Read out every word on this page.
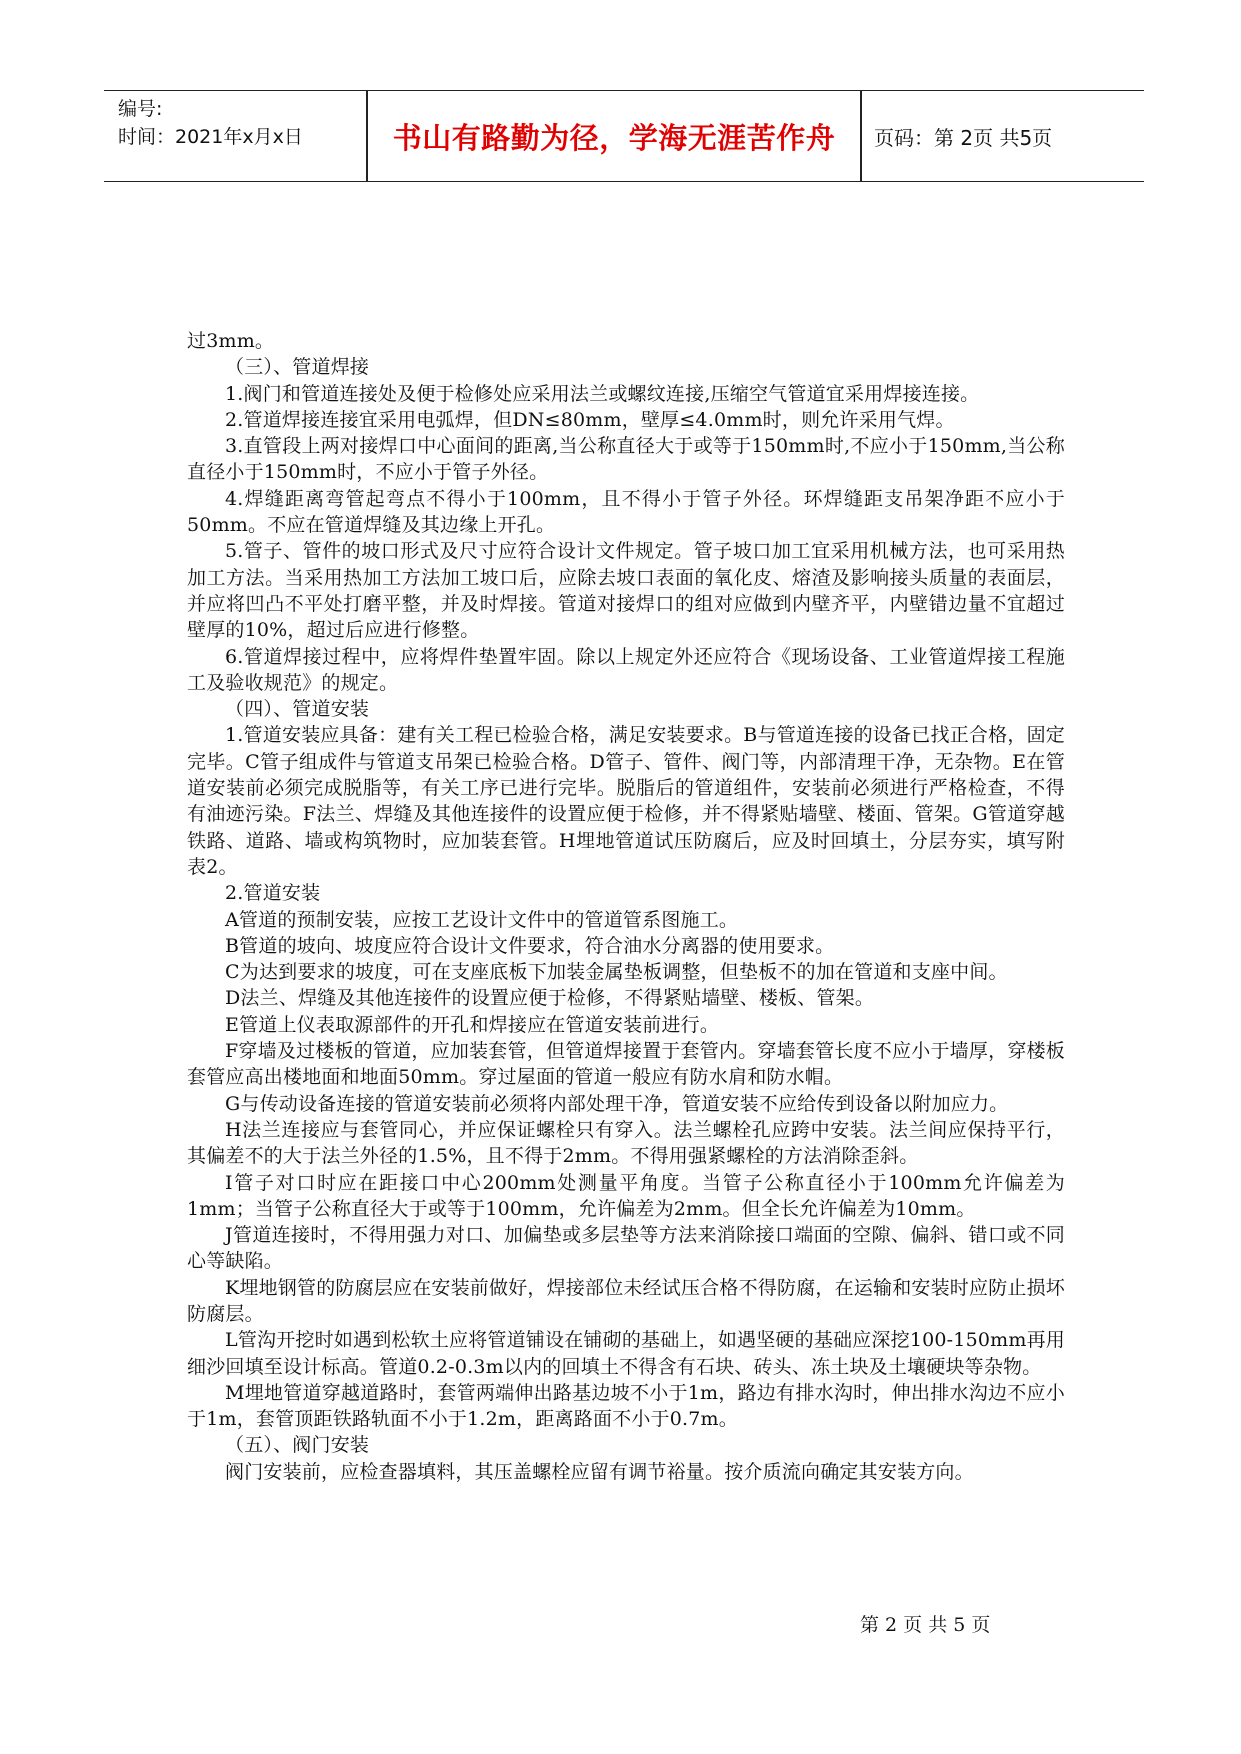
编号:
时间：2021年x月x日	书山有路勤为径，学海无涯苦作舟	页码：第 2页 共5页

过3mm。

（三）、管道焊接

1.阀门和管道连接处及便于检修处应采用法兰或螺纹连接,压缩空气管道宜采用焊接连接。

2.管道焊接连接宜采用电弧焊，但DN≤80mm，壁厚≤4.0mm时，则允许采用气焊。

3.直管段上两对接焊口中心面间的距离,当公称直径大于或等于150mm时,不应小于150mm,当公称直径小于150mm时，不应小于管子外径。

4.焊缝距离弯管起弯点不得小于100mm，且不得小于管子外径。环焊缝距支吊架净距不应小于50mm。不应在管道焊缝及其边缘上开孔。

5.管子、管件的坡口形式及尺寸应符合设计文件规定。管子坡口加工宜采用机械方法，也可采用热加工方法。当采用热加工方法加工坡口后，应除去坡口表面的氧化皮、熔渣及影响接头质量的表面层，并应将凹凸不平处打磨平整，并及时焊接。管道对接焊口的组对应做到内壁齐平，内壁错边量不宜超过壁厚的10%，超过后应进行修整。

6.管道焊接过程中，应将焊件垫置牢固。除以上规定外还应符合《现场设备、工业管道焊接工程施工及验收规范》的规定。

（四）、管道安装

1.管道安装应具备：建有关工程已检验合格，满足安装要求。B与管道连接的设备已找正合格，固定完毕。C管子组成件与管道支吊架已检验合格。D管子、管件、阀门等，内部清理干净，无杂物。E在管道安装前必须完成脱脂等，有关工序已进行完毕。脱脂后的管道组件，安装前必须进行严格检查，不得有油迹污染。F法兰、焊缝及其他连接件的设置应便于检修，并不得紧贴墙壁、楼面、管架。G管道穿越铁路、道路、墙或构筑物时，应加装套管。H埋地管道试压防腐后，应及时回填土，分层夯实，填写附表2。

2.管道安装

A管道的预制安装，应按工艺设计文件中的管道管系图施工。

B管道的坡向、坡度应符合设计文件要求，符合油水分离器的使用要求。

C为达到要求的坡度，可在支座底板下加装金属垫板调整，但垫板不的加在管道和支座中间。

D法兰、焊缝及其他连接件的设置应便于检修，不得紧贴墙壁、楼板、管架。

E管道上仪表取源部件的开孔和焊接应在管道安装前进行。

F穿墙及过楼板的管道，应加装套管，但管道焊接置于套管内。穿墙套管长度不应小于墙厚，穿楼板套管应高出楼地面和地面50mm。穿过屋面的管道一般应有防水肩和防水帽。

G与传动设备连接的管道安装前必须将内部处理干净，管道安装不应给传到设备以附加应力。

H法兰连接应与套管同心，并应保证螺栓只有穿入。法兰螺栓孔应跨中安装。法兰间应保持平行，其偏差不的大于法兰外径的1.5%，且不得于2mm。不得用强紧螺栓的方法消除歪斜。

I管子对口时应在距接口中心200mm处测量平角度。当管子公称直径小于100mm允许偏差为1mm；当管子公称直径大于或等于100mm，允许偏差为2mm。但全长允许偏差为10mm。

J管道连接时，不得用强力对口、加偏垫或多层垫等方法来消除接口端面的空隙、偏斜、错口或不同心等缺陷。

K埋地钢管的防腐层应在安装前做好，焊接部位未经试压合格不得防腐，在运输和安装时应防止损坏防腐层。

L管沟开挖时如遇到松软土应将管道铺设在铺砌的基础上，如遇坚硬的基础应深挖100-150mm再用细沙回填至设计标高。管道0.2-0.3m以内的回填土不得含有石块、砖头、冻土块及土壤硬块等杂物。

M埋地管道穿越道路时，套管两端伸出路基边坡不小于1m，路边有排水沟时，伸出排水沟边不应小于1m，套管顶距铁路轨面不小于1.2m，距离路面不小于0.7m。

（五）、阀门安装

阀门安装前，应检查器填料，其压盖螺栓应留有调节裕量。按介质流向确定其安装方向。

第 2 页 共 5 页
